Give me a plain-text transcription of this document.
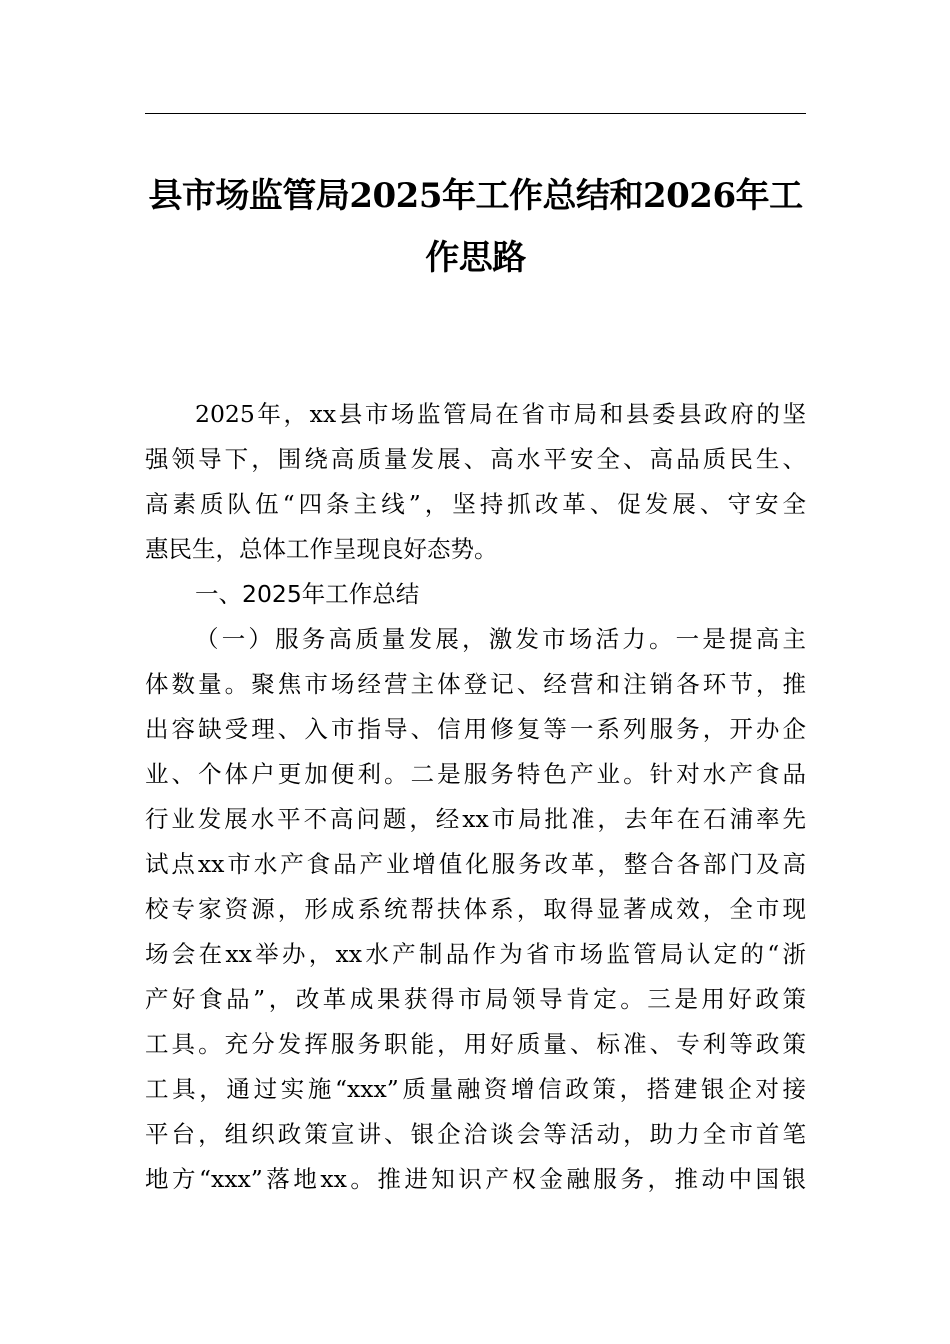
县市场监管局2025年工作总结和2026年工
作思路
2025年，xx县市场监管局在省市局和县委县政府的坚
强领导下，围绕高质量发展、高水平安全、高品质民生、
高素质队伍“四条主线”，坚持抓改革、促发展、守安全
惠民生，总体工作呈现良好态势。
一、2025年工作总结
（一）服务高质量发展，激发市场活力。一是提高主
体数量。聚焦市场经营主体登记、经营和注销各环节，推
出容缺受理、入市指导、信用修复等一系列服务，开办企
业、个体户更加便利。二是服务特色产业。针对水产食品
行业发展水平不高问题，经xx市局批准，去年在石浦率先
试点xx市水产食品产业增值化服务改革，整合各部门及高
校专家资源，形成系统帮扶体系，取得显著成效，全市现
场会在xx举办，xx水产制品作为省市场监管局认定的“浙
产好食品”，改革成果获得市局领导肯定。三是用好政策
工具。充分发挥服务职能，用好质量、标准、专利等政策
工具，通过实施“xxx”质量融资增信政策，搭建银企对接
平台，组织政策宣讲、银企洽谈会等活动，助力全市首笔
地方“xxx”落地xx。推进知识产权金融服务，推动中国银
